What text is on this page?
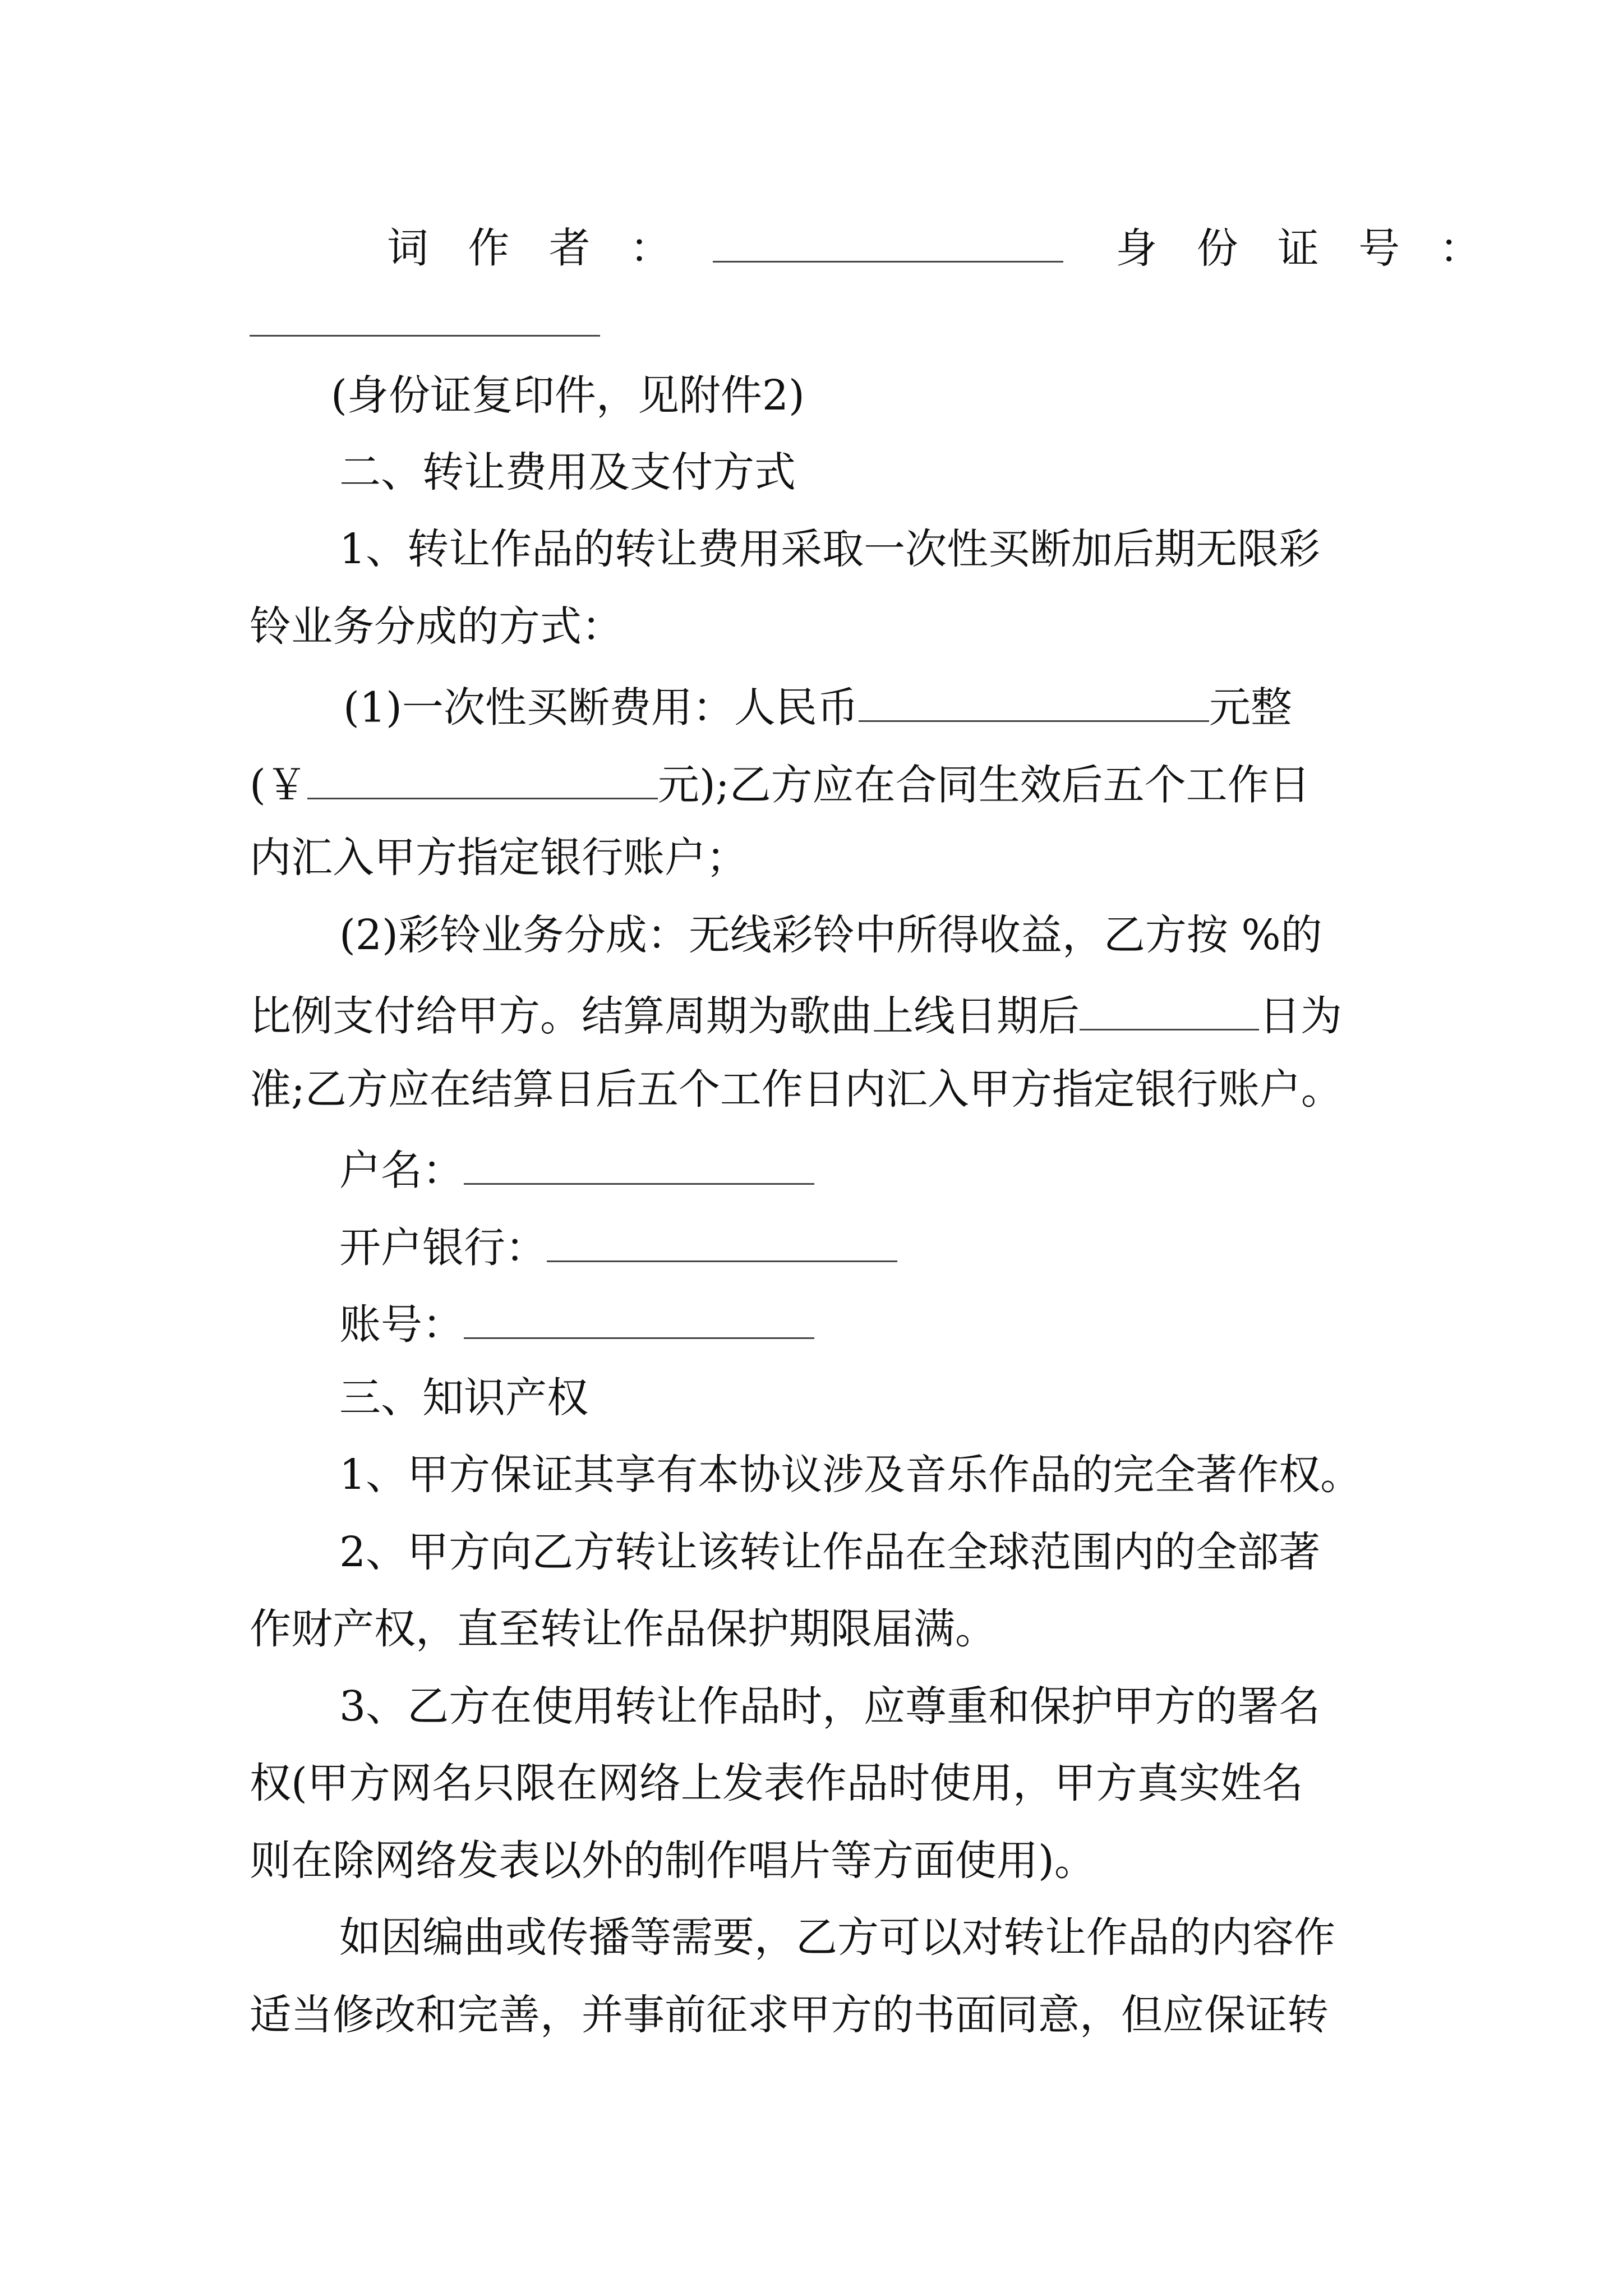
词作者：	身份证号：
(身份证复印件，见附件2)
二、转让费用及支付方式
1、转让作品的转让费用采取一次性买断加后期无限彩
铃业务分成的方式：
(1)一次性买断费用：人民币	元整
(￥	元);乙方应在合同生效后五个工作日
内汇入甲方指定银行账户；
(2)彩铃业务分成：无线彩铃中所得收益，乙方按 %的
比例支付给甲方。结算周期为歌曲上线日期后	日为
准;乙方应在结算日后五个工作日内汇入甲方指定银行账户。
户名：
开户银行：
账号：
三、知识产权
1、甲方保证其享有本协议涉及音乐作品的完全著作权。
2、甲方向乙方转让该转让作品在全球范围内的全部著
作财产权，直至转让作品保护期限届满。
3、乙方在使用转让作品时，应尊重和保护甲方的署名
权(甲方网名只限在网络上发表作品时使用，甲方真实姓名
则在除网络发表以外的制作唱片等方面使用)。
如因编曲或传播等需要，乙方可以对转让作品的内容作
适当修改和完善，并事前征求甲方的书面同意，但应保证转
